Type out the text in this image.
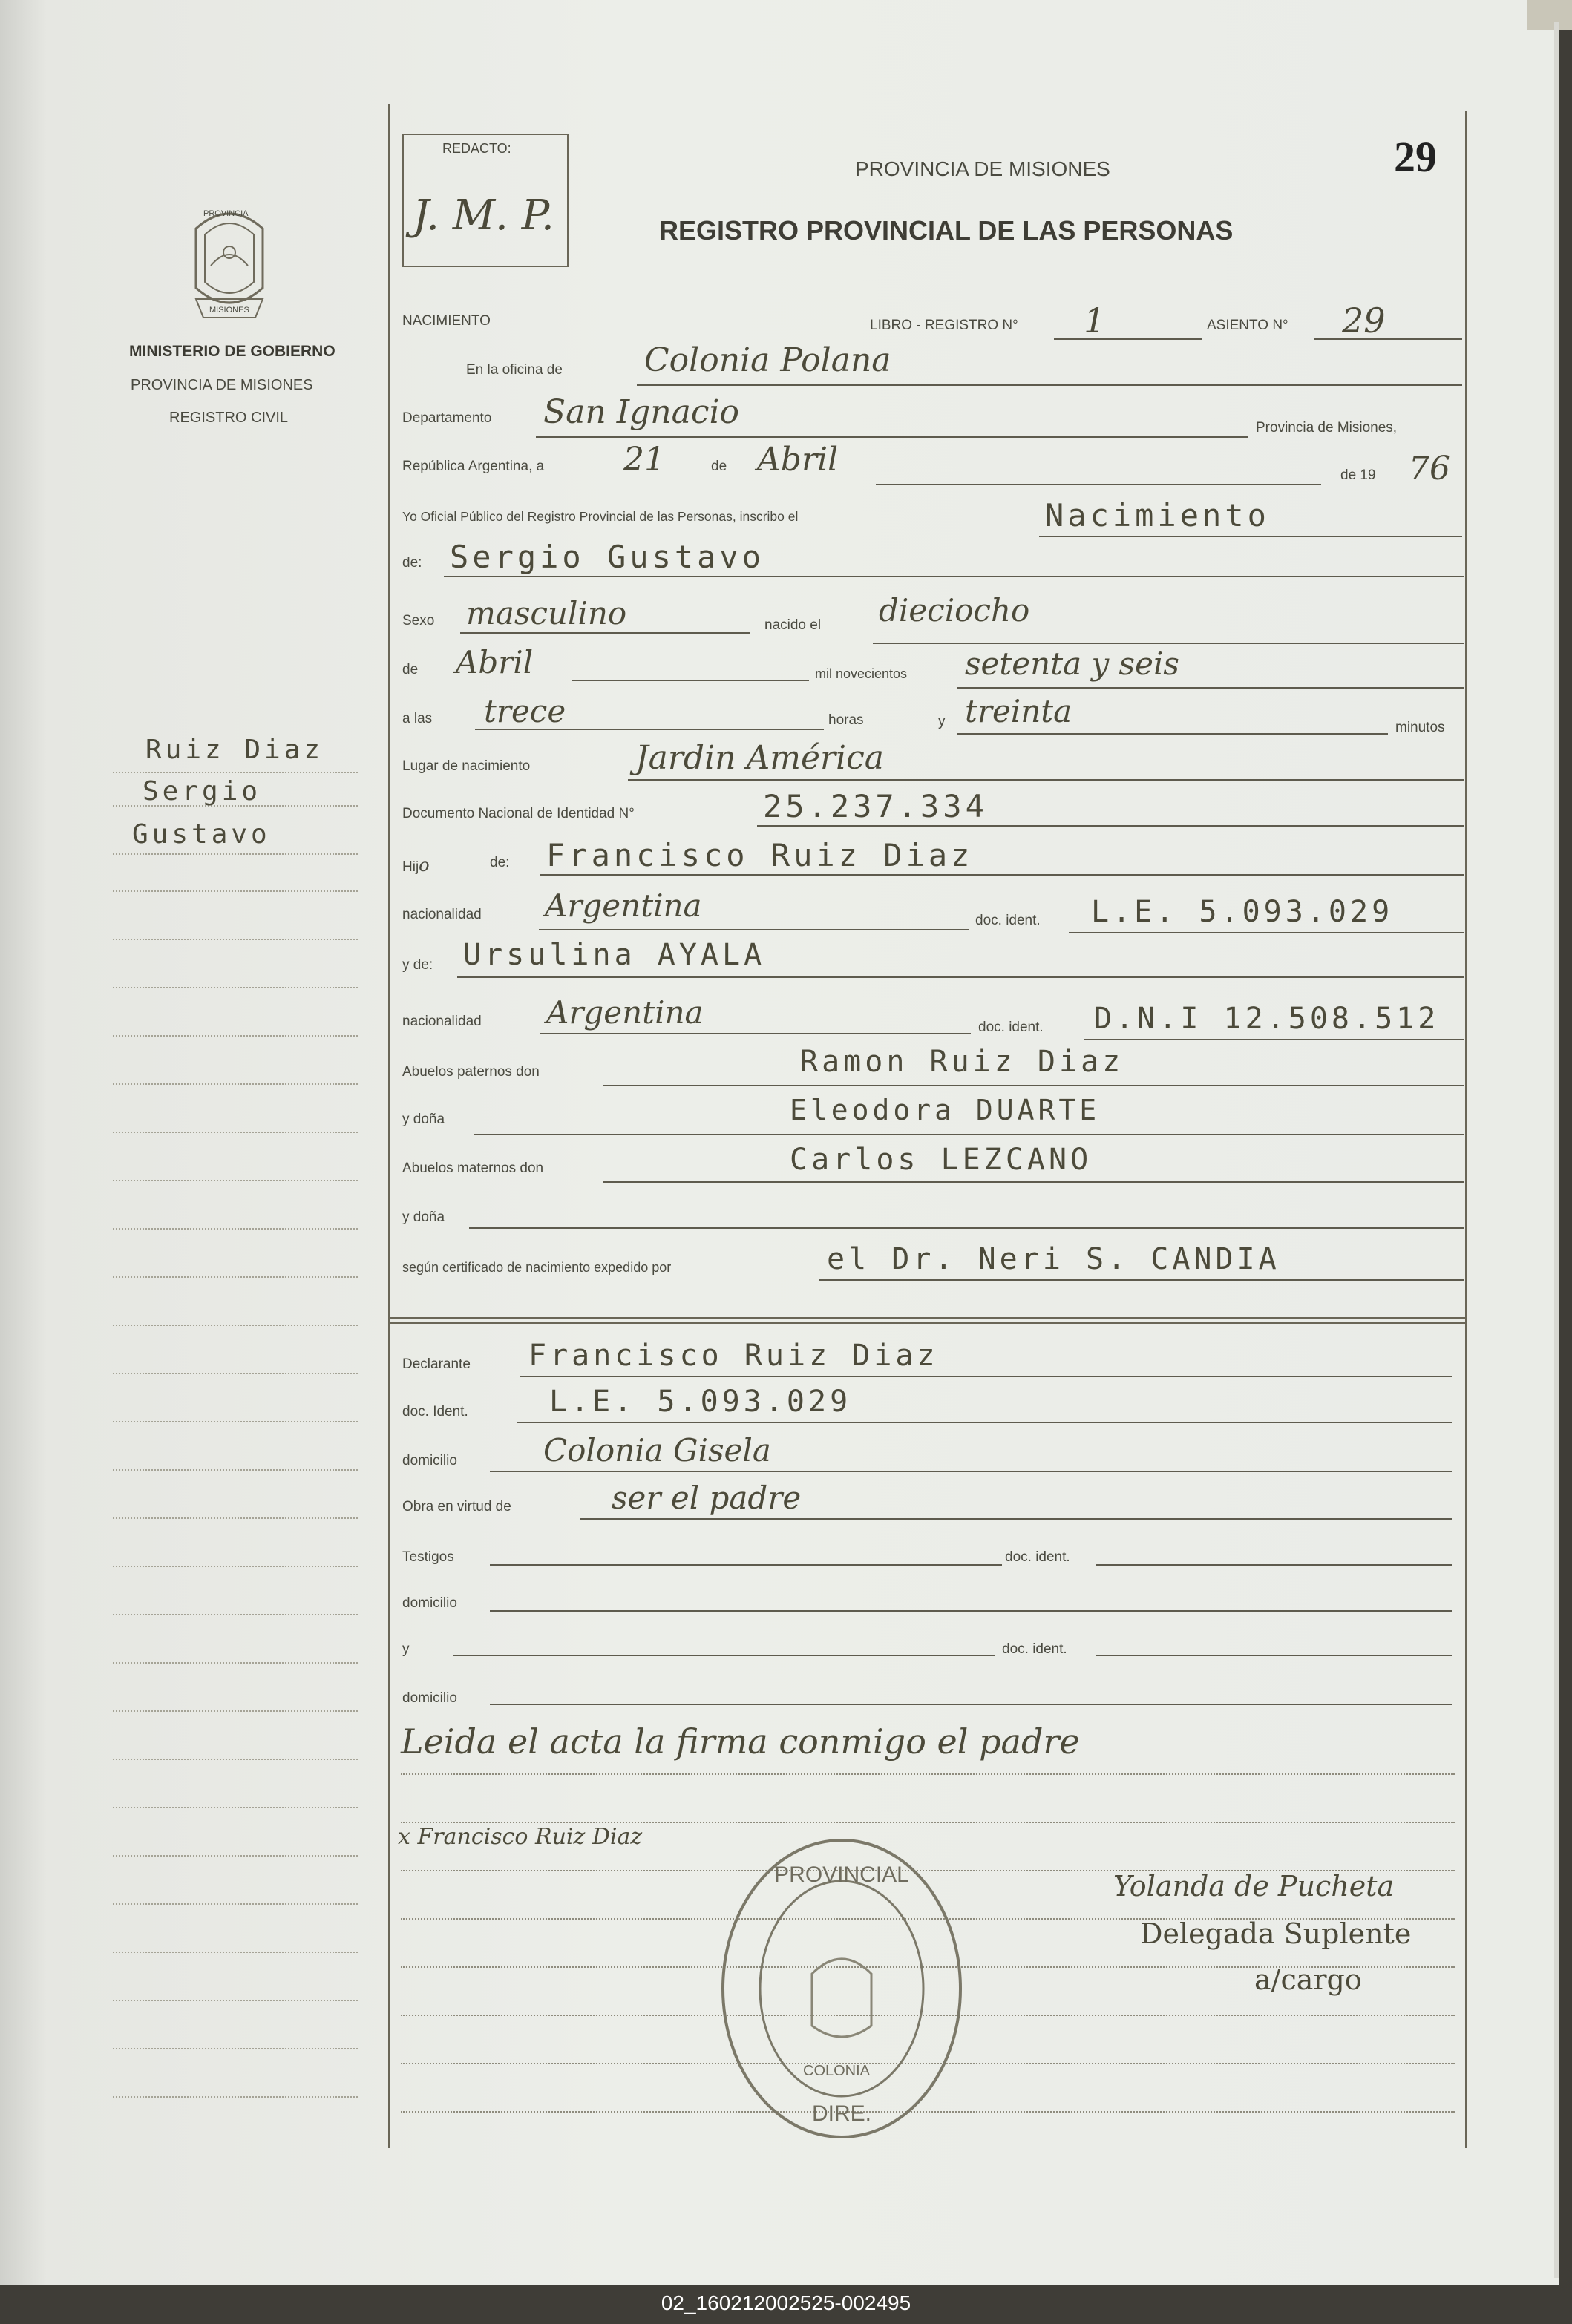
PROVINCIA
MISIONES
MINISTERIO DE GOBIERNO
PROVINCIA DE MISIONES
REGISTRO CIVIL
Ruiz Diaz
Sergio
Gustavo
REDACTO:
J. M. P.
PROVINCIA DE MISIONES	29
REGISTRO PROVINCIAL DE LAS PERSONAS
NACIMIENTO	LIBRO - REGISTRO N° 1	ASIENTO N° 29
En la oficina de	Colonia Polana
Departamento San Ignacio	Provincia de Misiones,
República Argentina, a 21	de Abril	de 19 76
Yo Oficial Público del Registro Provincial de las Personas, inscribo el	Nacimiento
de: Sergio Gustavo
Sexo masculino	nacido el dieciocho
de Abril	mil novecientos setenta y seis
a las trece	horas	y treinta	minutos
Lugar de nacimiento	Jardin América
Documento Nacional de Identidad N°	25.237.334
Hijo	de: Francisco Ruiz Diaz
nacionalidad Argentina	doc. ident. L.E. 5.093.029
y de: Ursulina AYALA
nacionalidad Argentina	doc. ident. D.N.I 12.508.512
Abuelos paternos don	Ramon Ruiz Diaz
y doña	Eleodora DUARTE
Abuelos maternos don	Carlos LEZCANO
y doña
según certificado de nacimiento expedido por	el Dr. Neri S. CANDIA
Declarante Francisco Ruiz Diaz
doc. Ident.	L.E. 5.093.029
domicilio	Colonia Gisela
Obra en virtud de	ser el padre
Testigos	doc. ident.
domicilio
y	doc. ident.
domicilio
Leida el acta la firma conmigo el padre
x Francisco Ruiz Diaz
Yolanda de Pucheta
Delegada Suplente
a/cargo
PROVINCIAL
DIRE.
COLONIA
02_160212002525-002495
